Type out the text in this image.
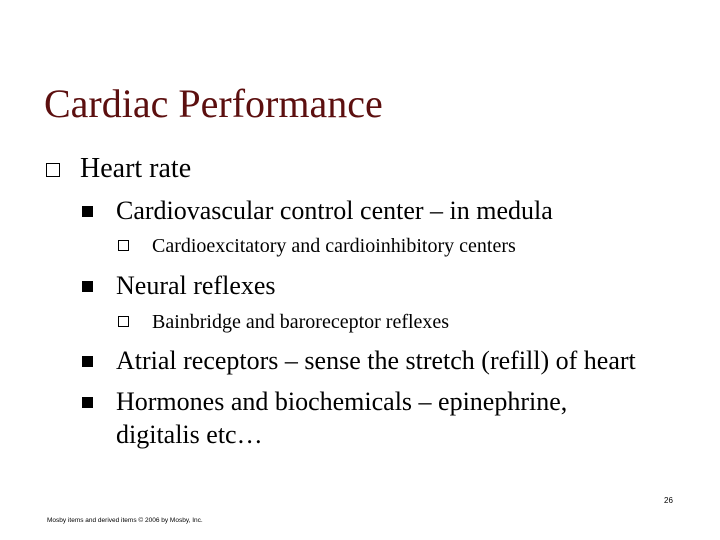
Cardiac Performance
Heart rate
Cardiovascular control center – in medula
Cardioexcitatory and cardioinhibitory centers
Neural reflexes
Bainbridge and baroreceptor reflexes
Atrial receptors – sense the stretch (refill) of heart
Hormones and biochemicals – epinephrine,
digitalis etc…
26
Mosby items and derived items © 2006 by Mosby, Inc.
